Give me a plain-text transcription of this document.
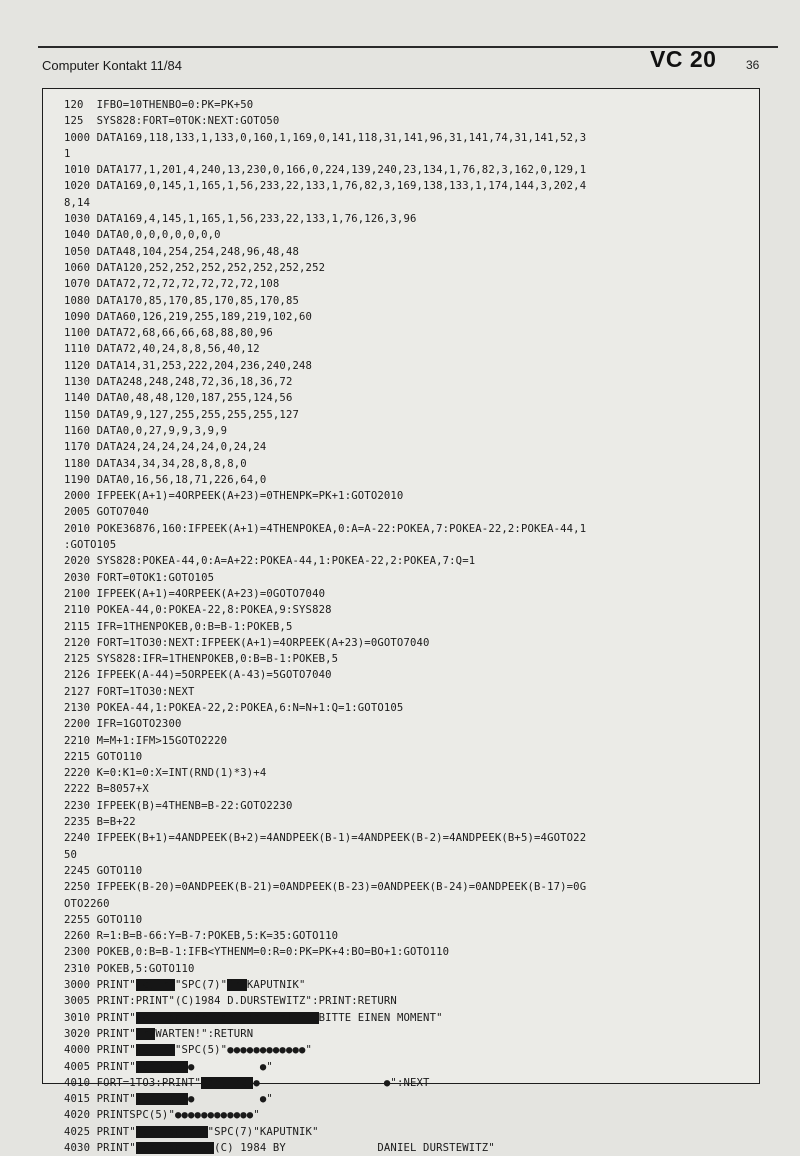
Computer Kontakt 11/84	VC 20 36
120  IFBO=10THENBO=0:PK=PK+50
125  SYS828:FORT=0TOK:NEXT:GOTO50
1000 DATA169,118,133,1,133,0,160,1,169,0,141,118,31,141,96,31,141,74,31,141,52,3
1
1010 DATA177,1,201,4,240,13,230,0,166,0,224,139,240,23,134,1,76,82,3,162,0,129,1
1020 DATA169,0,145,1,165,1,56,233,22,133,1,76,82,3,169,138,133,1,174,144,3,202,4
8,14
1030 DATA169,4,145,1,165,1,56,233,22,133,1,76,126,3,96
1040 DATA0,0,0,0,0,0,0,0
1050 DATA48,104,254,254,248,96,48,48
1060 DATA120,252,252,252,252,252,252,252
1070 DATA72,72,72,72,72,72,72,108
1080 DATA170,85,170,85,170,85,170,85
1090 DATA60,126,219,255,189,219,102,60
1100 DATA72,68,66,66,68,88,80,96
1110 DATA72,40,24,8,8,56,40,12
1120 DATA14,31,253,222,204,236,240,248
1130 DATA248,248,248,72,36,18,36,72
1140 DATA0,48,48,120,187,255,124,56
1150 DATA9,9,127,255,255,255,255,127
1160 DATA0,0,27,9,9,3,9,9
1170 DATA24,24,24,24,24,0,24,24
1180 DATA34,34,34,28,8,8,8,0
1190 DATA0,16,56,18,71,226,64,0
2000 IFPEEK(A+1)=4ORPEEK(A+23)=0THENPK=PK+1:GOTO2010
2005 GOTO7040
2010 POKE36876,160:IFPEEK(A+1)=4THENPOKEA,0:A=A-22:POKEA,7:POKEA-22,2:POKEA-44,1
:GOTO105
2020 SYS828:POKEA-44,0:A=A+22:POKEA-44,1:POKEA-22,2:POKEA,7:Q=1
2030 FORT=0TOK1:GOTO105
2100 IFPEEK(A+1)=4ORPEEK(A+23)=0GOTO7040
2110 POKEA-44,0:POKEA-22,8:POKEA,9:SYS828
2115 IFR=1THENPOKEB,0:B=B-1:POKEB,5
2120 FORT=1TO30:NEXT:IFPEEK(A+1)=4ORPEEK(A+23)=0GOTO7040
2125 SYS828:IFR=1THENPOKEB,0:B=B-1:POKEB,5
2126 IFPEEK(A-44)=5ORPEEK(A-43)=5GOTO7040
2127 FORT=1TO30:NEXT
2130 POKEA-44,1:POKEA-22,2:POKEA,6:N=N+1:Q=1:GOTO105
2200 IFR=1GOTO2300
2210 M=M+1:IFM>15GOTO2220
2215 GOTO110
2220 K=0:K1=0:X=INT(RND(1)*3)+4
2222 B=8057+X
2230 IFPEEK(B)=4THENB=B-22:GOTO2230
2235 B=B+22
2240 IFPEEK(B+1)=4ANDPEEK(B+2)=4ANDPEEK(B-1)=4ANDPEEK(B-2)=4ANDPEEK(B+5)=4GOTO22
50
2245 GOTO110
2250 IFPEEK(B-20)=0ANDPEEK(B-21)=0ANDPEEK(B-23)=0ANDPEEK(B-24)=0ANDPEEK(B-17)=0G
OTO2260
2255 GOTO110
2260 R=1:B=B-66:Y=B-7:POKEB,5:K=35:GOTO110
2300 POKEB,0:B=B-1:IFB<YTHENM=0:R=0:PK=PK+4:BO=BO+1:GOTO110
2310 POKEB,5:GOTO110
3000 PRINT"[c][r]"SPC(7)"[r]KAPUTNIK"
3005 PRINT:PRINT"(C)1984 D.DURSTEWITZ":PRINT:RETURN
3010 PRINT"[cl][dn][dn][dn][dn][dn][rt]BITTE EINEN MOMENT"
3020 PRINT"[r]WARTEN!":RETURN
4000 PRINT"[c][r]"SPC(5)"●●●●●●●●●●●●"
4005 PRINT"[dn][rt]●          ●"
4010 FORT=1TO3:PRINT"[dn][rt]●                   ●":NEXT
4015 PRINT"[dn][rt]●          ●"
4020 PRINTSPC(5)"●●●●●●●●●●●●"
4025 PRINT"[dn][dn][r]"SPC(7)"KAPUTNIK"
4030 PRINT"[dn][dn][rt](C) 1984 BY              DANIEL DURSTEWITZ"
